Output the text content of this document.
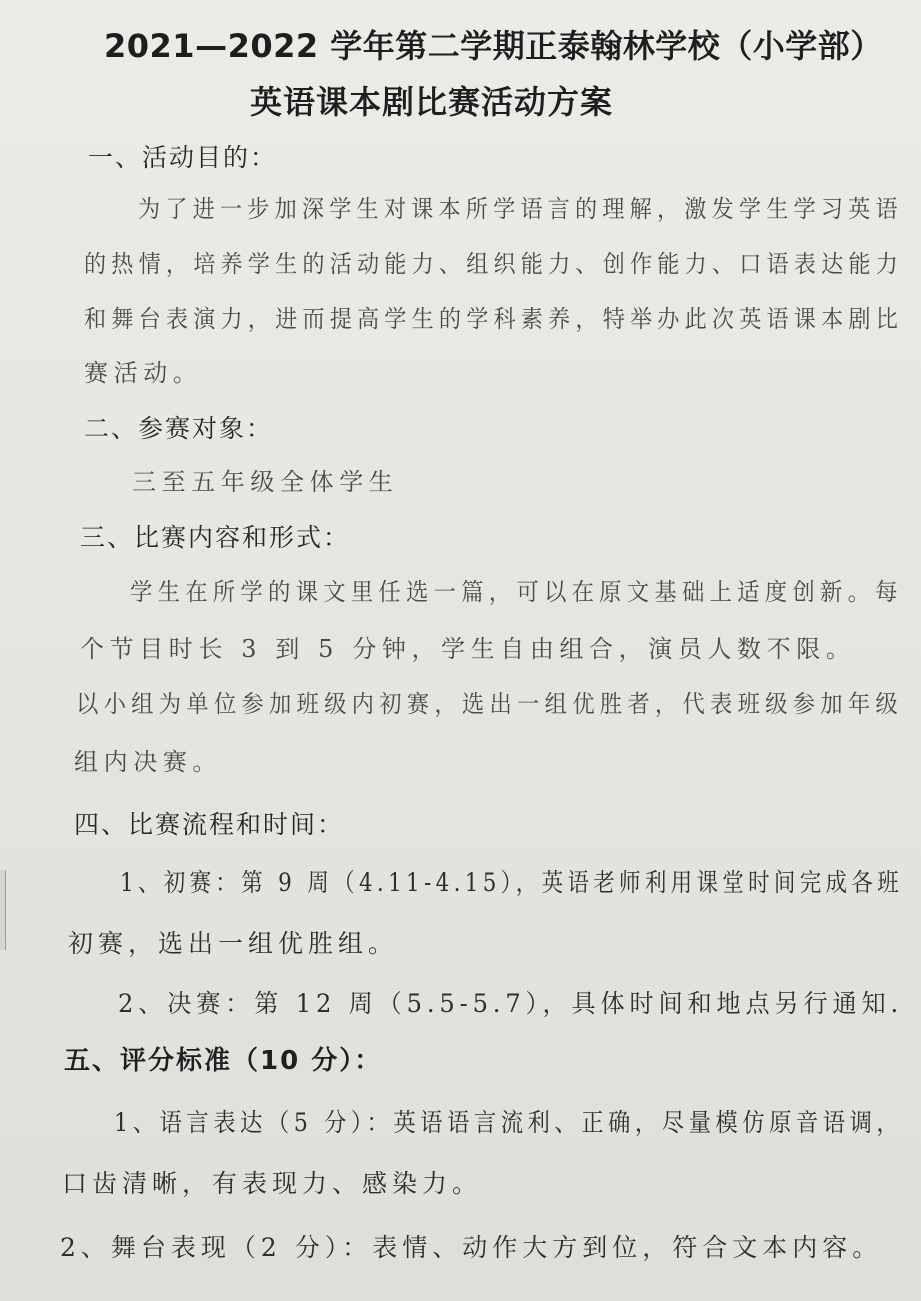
2021—2022 学年第二学期正泰翰林学校（小学部）
英语课本剧比赛活动方案
一、活动目的：
为了进一步加深学生对课本所学语言的理解，激发学生学习英语
的热情，培养学生的活动能力、组织能力、创作能力、口语表达能力
和舞台表演力，进而提高学生的学科素养，特举办此次英语课本剧比
赛活动。
二、参赛对象：
三至五年级全体学生
三、比赛内容和形式：
学生在所学的课文里任选一篇，可以在原文基础上适度创新。每
个节目时长 3 到 5 分钟，学生自由组合，演员人数不限。
以小组为单位参加班级内初赛，选出一组优胜者，代表班级参加年级
组内决赛。
四、比赛流程和时间：
1、初赛：第 9 周（4.11-4.15），英语老师利用课堂时间完成各班
初赛，选出一组优胜组。
2、决赛：第 12 周（5.5-5.7），具体时间和地点另行通知.
五、评分标准（10 分）：
1、语言表达（5 分）：英语语言流利、正确，尽量模仿原音语调，
口齿清晰，有表现力、感染力。
2、舞台表现（2 分）：表情、动作大方到位，符合文本内容。
